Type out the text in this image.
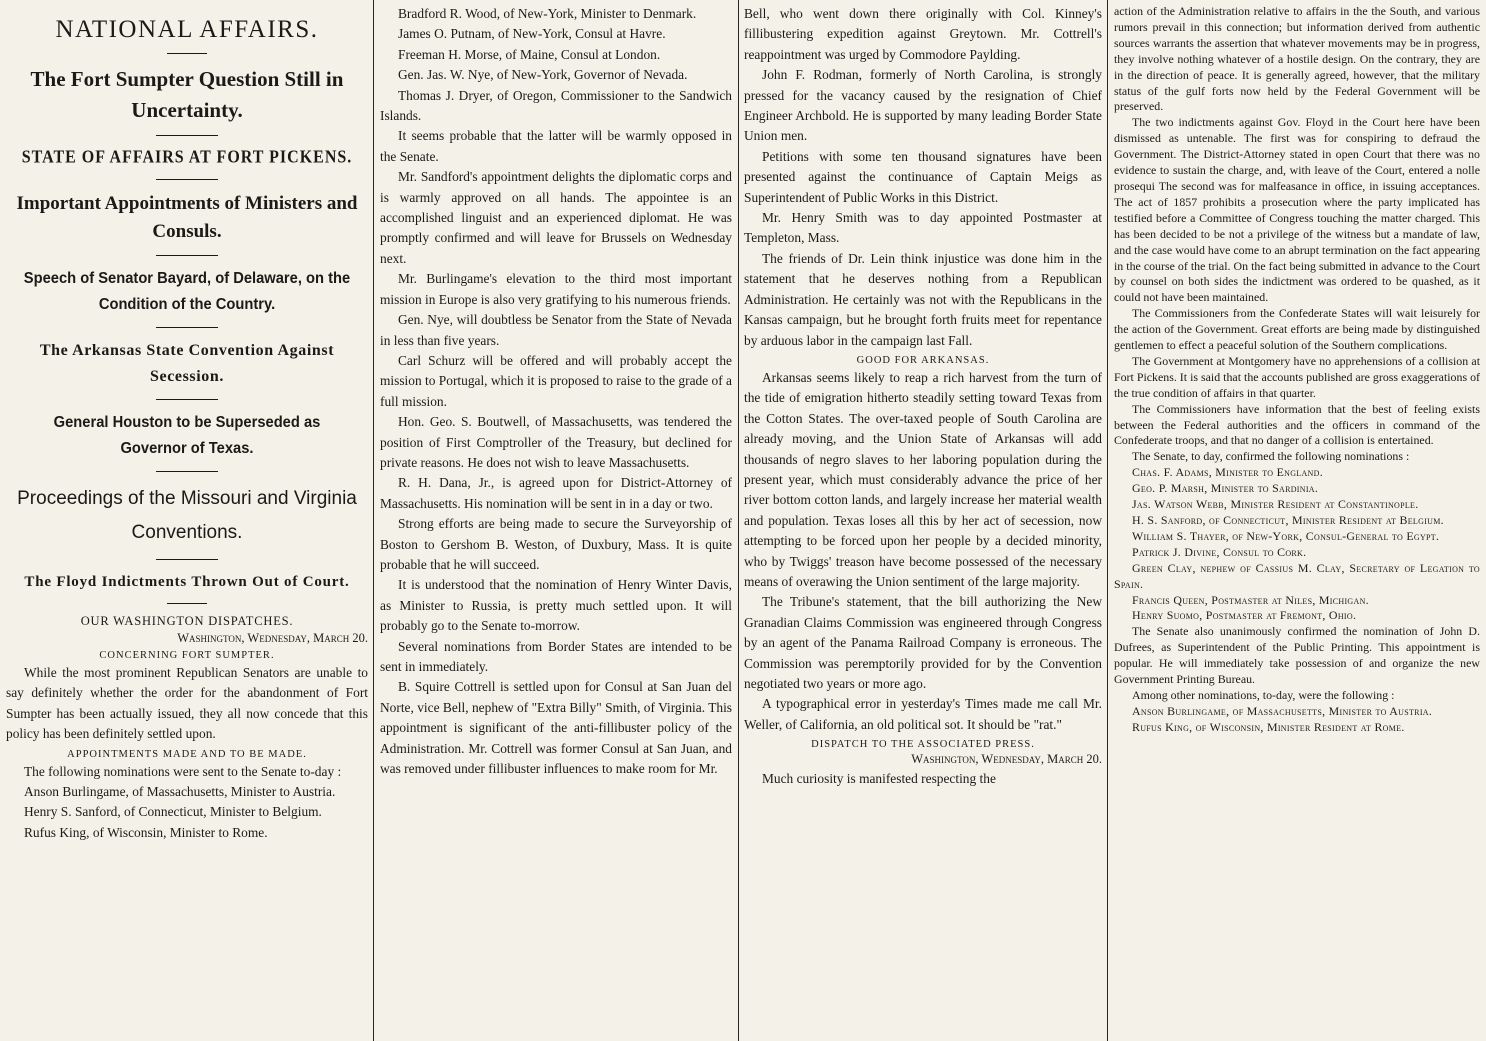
NATIONAL AFFAIRS.
The Fort Sumpter Question Still in Uncertainty.
STATE OF AFFAIRS AT FORT PICKENS.
Important Appointments of Ministers and Consuls.
Speech of Senator Bayard, of Delaware, on the Condition of the Country.
The Arkansas State Convention Against Secession.
General Houston to be Superseded as Governor of Texas.
Proceedings of the Missouri and Virginia Conventions.
The Floyd Indictments Thrown Out of Court.
OUR WASHINGTON DISPATCHES.
Washington, Wednesday, March 20.
CONCERNING FORT SUMPTER.

While the most prominent Republican Senators are unable to say definitely whether the order for the abandonment of Fort Sumpter has been actually issued, they all now concede that this policy has been definitely settled upon.

APPOINTMENTS MADE AND TO BE MADE.

The following nominations were sent to the Senate to-day :

Anson Burlingame, of Massachusetts, Minister to Austria.

Henry S. Sanford, of Connecticut, Minister to Belgium.

Rufus King, of Wisconsin, Minister to Rome.

Bradford R. Wood, of New-York, Minister to Denmark.

James O. Putnam, of New-York, Consul at Havre.

Freeman H. Morse, of Maine, Consul at London.

Gen. Jas. W. Nye, of New-York, Governor of Nevada.

Thomas J. Dryer, of Oregon, Commissioner to the Sandwich Islands.

It seems probable that the latter will be warmly opposed in the Senate.

Mr. Sandford's appointment delights the diplomatic corps and is warmly approved on all hands. The appointee is an accomplished linguist and an experienced diplomat. He was promptly confirmed and will leave for Brussels on Wednesday next.

Mr. Burlingame's elevation to the third most important mission in Europe is also very gratifying to his numerous friends.

Gen. Nye, will doubtless be Senator from the State of Nevada in less than five years.

Carl Schurz will be offered and will probably accept the mission to Portugal, which it is proposed to raise to the grade of a full mission.

Hon. Geo. S. Boutwell, of Massachusetts, was tendered the position of First Comptroller of the Treasury, but declined for private reasons. He does not wish to leave Massachusetts.

R. H. Dana, Jr., is agreed upon for District-Attorney of Massachusetts. His nomination will be sent in in a day or two.

Strong efforts are being made to secure the Surveyorship of Boston to Gershom B. Weston, of Duxbury, Mass. It is quite probable that he will succeed.

It is understood that the nomination of Henry Winter Davis, as Minister to Russia, is pretty much settled upon. It will probably go to the Senate to-morrow.

Several nominations from Border States are intended to be sent in immediately.

B. Squire Cottrell is settled upon for Consul at San Juan del Norte, vice Bell, nephew of "Extra Billy" Smith, of Virginia. This appointment is significant of the anti-fillibuster policy of the Administration. Mr. Cottrell was former Consul at San Juan, and was removed under fillibuster influences to make room for Mr.

Bell, who went down there originally with Col. Kinney's fillibustering expedition against Greytown. Mr. Cottrell's reappointment was urged by Commodore Paylding.

John F. Rodman, formerly of North Carolina, is strongly pressed for the vacancy caused by the resignation of Chief Engineer Archbold. He is supported by many leading Border State Union men.

Petitions with some ten thousand signatures have been presented against the continuance of Captain Meigs as Superintendent of Public Works in this District.

Mr. Henry Smith was to day appointed Postmaster at Templeton, Mass.

The friends of Dr. Lein think injustice was done him in the statement that he deserves nothing from a Republican Administration. He certainly was not with the Republicans in the Kansas campaign, but he brought forth fruits meet for repentance by arduous labor in the campaign last Fall.

GOOD FOR ARKANSAS.

Arkansas seems likely to reap a rich harvest from the turn of the tide of emigration hitherto steadily setting toward Texas from the Cotton States. The over-taxed people of South Carolina are already moving, and the Union State of Arkansas will add thousands of negro slaves to her laboring population during the present year, which must considerably advance the price of her river bottom cotton lands, and largely increase her material wealth and population. Texas loses all this by her act of secession, now attempting to be forced upon her people by a decided minority, who by Twiggs' treason have become possessed of the necessary means of overawing the Union sentiment of the large majority.

The Tribune's statement, that the bill authorizing the New Granadian Claims Commission was engineered through Congress by an agent of the Panama Railroad Company is erroneous. The Commission was peremptorily provided for by the Convention negotiated two years or more ago.

A typographical error in yesterday's Times made me call Mr. Weller, of California, an old political sot. It should be "rat."

DISPATCH TO THE ASSOCIATED PRESS.
Washington, Wednesday, March 20.

Much curiosity is manifested respecting the

action of the Administration relative to affairs in the the South, and various rumors prevail in this connection; but information derived from authentic sources warrants the assertion that whatever movements may be in progress, they involve nothing whatever of a hostile design. On the contrary, they are in the direction of peace. It is generally agreed, however, that the military status of the gulf forts now held by the Federal Government will be preserved.

The two indictments against Gov. Floyd in the Court here have been dismissed as untenable. The first was for conspiring to defraud the Government. The District-Attorney stated in open Court that there was no evidence to sustain the charge, and, with leave of the Court, entered a nolle prosequi The second was for malfeasance in office, in issuing acceptances. The act of 1857 prohibits a prosecution where the party implicated has testified before a Committee of Congress touching the matter charged. This has been decided to be not a privilege of the witness but a mandate of law, and the case would have come to an abrupt termination on the fact appearing in the course of the trial. On the fact being submitted in advance to the Court by counsel on both sides the indictment was ordered to be quashed, as it could not have been maintained.

The Commissioners from the Confederate States will wait leisurely for the action of the Government. Great efforts are being made by distinguished gentlemen to effect a peaceful solution of the Southern complications.

The Government at Montgomery have no apprehensions of a collision at Fort Pickens. It is said that the accounts published are gross exaggerations of the true condition of affairs in that quarter.

The Commissioners have information that the best of feeling exists between the Federal authorities and the officers in command of the Confederate troops, and that no danger of a collision is entertained.

The Senate, to day, confirmed the following nominations :

Chas. F. Adams, Minister to England.

Geo. P. Marsh, Minister to Sardinia.

Jas. Watson Webb, Minister Resident at Constantinople.

H. S. Sanford, of Connecticut, Minister Resident at Belgium.

William S. Thayer, of New-York, Consul-General to Egypt.

Patrick J. Divine, Consul to Cork.

Green Clay, nephew of Cassius M. Clay, Secretary of Legation to Spain.

Francis Queen, Postmaster at Niles, Michigan.

Henry Suomo, Postmaster at Fremont, Ohio.

The Senate also unanimously confirmed the nomination of John D. Dufrees, as Superintendent of the Public Printing. This appointment is popular. He will immediately take possession of and organize the new Government Printing Bureau.

Among other nominations, to-day, were the following :

Anson Burlingame, of Massachusetts, Minister to Austria.

Rufus King, of Wisconsin, Minister Resident at Rome.
